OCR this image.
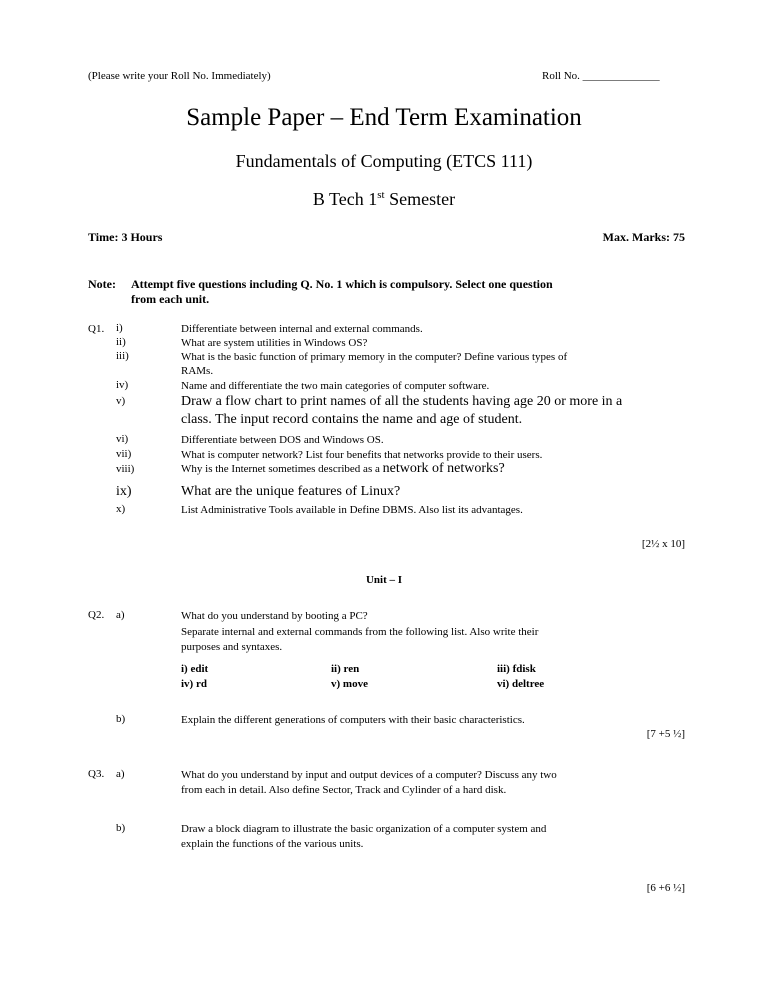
(Please write your Roll No. Immediately)	Roll No. ______________
Sample Paper – End Term Examination
Fundamentals of Computing (ETCS 111)
B Tech 1st Semester
Time: 3 Hours	Max. Marks: 75
Note: Attempt five questions including Q. No. 1 which is compulsory. Select one question
from each unit.
Q1. i)	Differentiate between internal and external commands.
ii)	What are system utilities in Windows OS?
iii)	What is the basic function of primary memory in the computer? Define various types of
RAMs.
iv)	Name and differentiate the two main categories of computer software.
v)	Draw a flow chart to print names of all the students having age 20 or more in a
class. The input record contains the name and age of student.
vi)	Differentiate between DOS and Windows OS.
vii)	What is computer network? List four benefits that networks provide to their users.
viii)	Why is the Internet sometimes described as a network of networks?
ix)	What are the unique features of Linux?
x)	List Administrative Tools available in Define DBMS. Also list its advantages.
[2½ x 10]
Unit – I
Q2. a)	What do you understand by booting a PC?
Separate internal and external commands from the following list. Also write their
purposes and syntaxes.
i) edit	ii) ren	iii) fdisk
iv) rd	v) move	vi) deltree
b)	Explain the different generations of computers with their basic characteristics.
[7 +5 ½]
Q3. a)	What do you understand by input and output devices of a computer? Discuss any two
from each in detail. Also define Sector, Track and Cylinder of a hard disk.
b)	Draw a block diagram to illustrate the basic organization of a computer system and
explain the functions of the various units.
[6 +6 ½]
